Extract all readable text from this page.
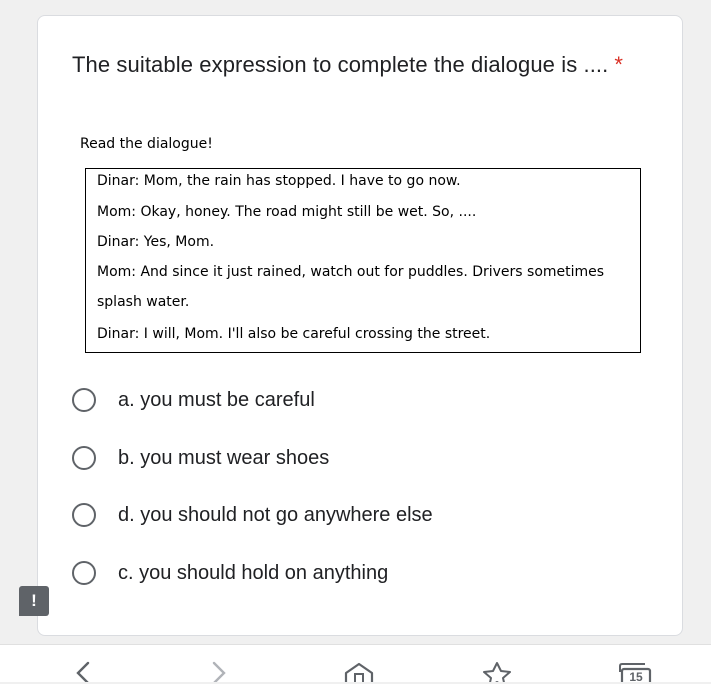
The suitable expression to complete the dialogue is .... *
Read the dialogue!
Dinar: Mom, the rain has stopped. I have to go now.
Mom: Okay, honey. The road might still be wet. So, ....
Dinar: Yes, Mom.
Mom: And since it just rained, watch out for puddles. Drivers sometimes
splash water.
Dinar: I will, Mom. I'll also be careful crossing the street.
a. you must be careful
b. you must wear shoes
d. you should not go anywhere else
c. you should hold on anything
!
15
